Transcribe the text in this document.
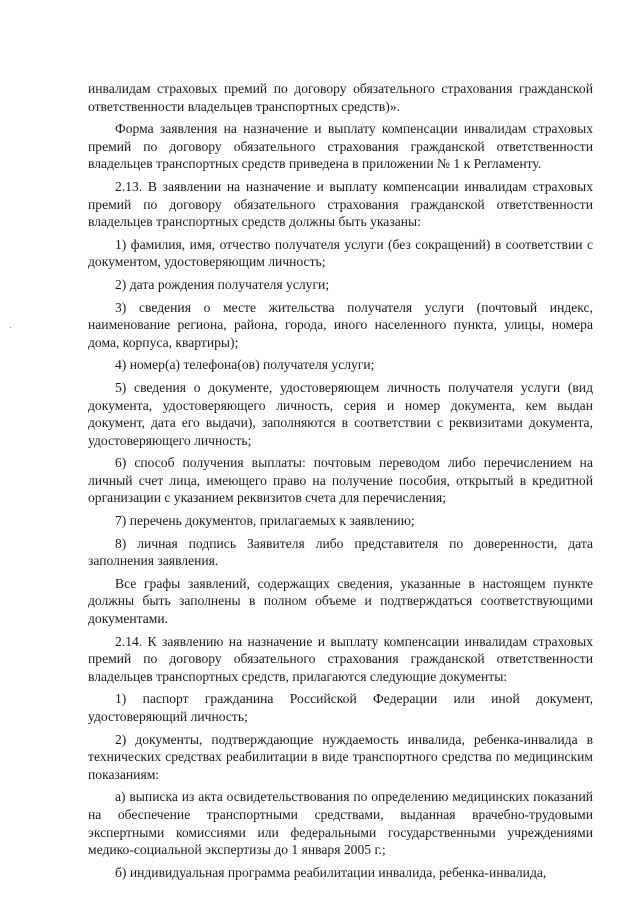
инвалидам страховых премий по договору обязательного страхования гражданской ответственности владельцев транспортных средств)».

Форма заявления на назначение и выплату компенсации инвалидам страховых премий по договору обязательного страхования гражданской ответственности владельцев транспортных средств приведена в приложении № 1 к Регламенту.

2.13. В заявлении на назначение и выплату компенсации инвалидам страховых премий по договору обязательного страхования гражданской ответственности владельцев транспортных средств должны быть указаны:

1) фамилия, имя, отчество получателя услуги (без сокращений) в соответствии с документом, удостоверяющим личность;

2) дата рождения получателя услуги;

3) сведения о месте жительства получателя услуги (почтовый индекс, наименование региона, района, города, иного населенного пункта, улицы, номера дома, корпуса, квартиры);

4) номер(а) телефона(ов) получателя услуги;

5) сведения о документе, удостоверяющем личность получателя услуги (вид документа, удостоверяющего личность, серия и номер документа, кем выдан документ, дата его выдачи), заполняются в соответствии с реквизитами документа, удостоверяющего личность;

6) способ получения выплаты: почтовым переводом либо перечислением на личный счет лица, имеющего право на получение пособия, открытый в кредитной организации с указанием реквизитов счета для перечисления;

7) перечень документов, прилагаемых к заявлению;

8) личная подпись Заявителя либо представителя по доверенности, дата заполнения заявления.

Все графы заявлений, содержащих сведения, указанные в настоящем пункте должны быть заполнены в полном объеме и подтверждаться соответствующими документами.

2.14. К заявлению на назначение и выплату компенсации инвалидам страховых премий по договору обязательного страхования гражданской ответственности владельцев транспортных средств, прилагаются следующие документы:

1) паспорт гражданина Российской Федерации или иной документ, удостоверяющий личность;

2) документы, подтверждающие нуждаемость инвалида, ребенка-инвалида в технических средствах реабилитации в виде транспортного средства по медицинским показаниям:

а) выписка из акта освидетельствования по определению медицинских показаний на обеспечение транспортными средствами, выданная врачебно-трудовыми экспертными комиссиями или федеральными государственными учреждениями медико-социальной экспертизы до 1 января 2005 г.;

б) индивидуальная программа реабилитации инвалида, ребенка-инвалида,
